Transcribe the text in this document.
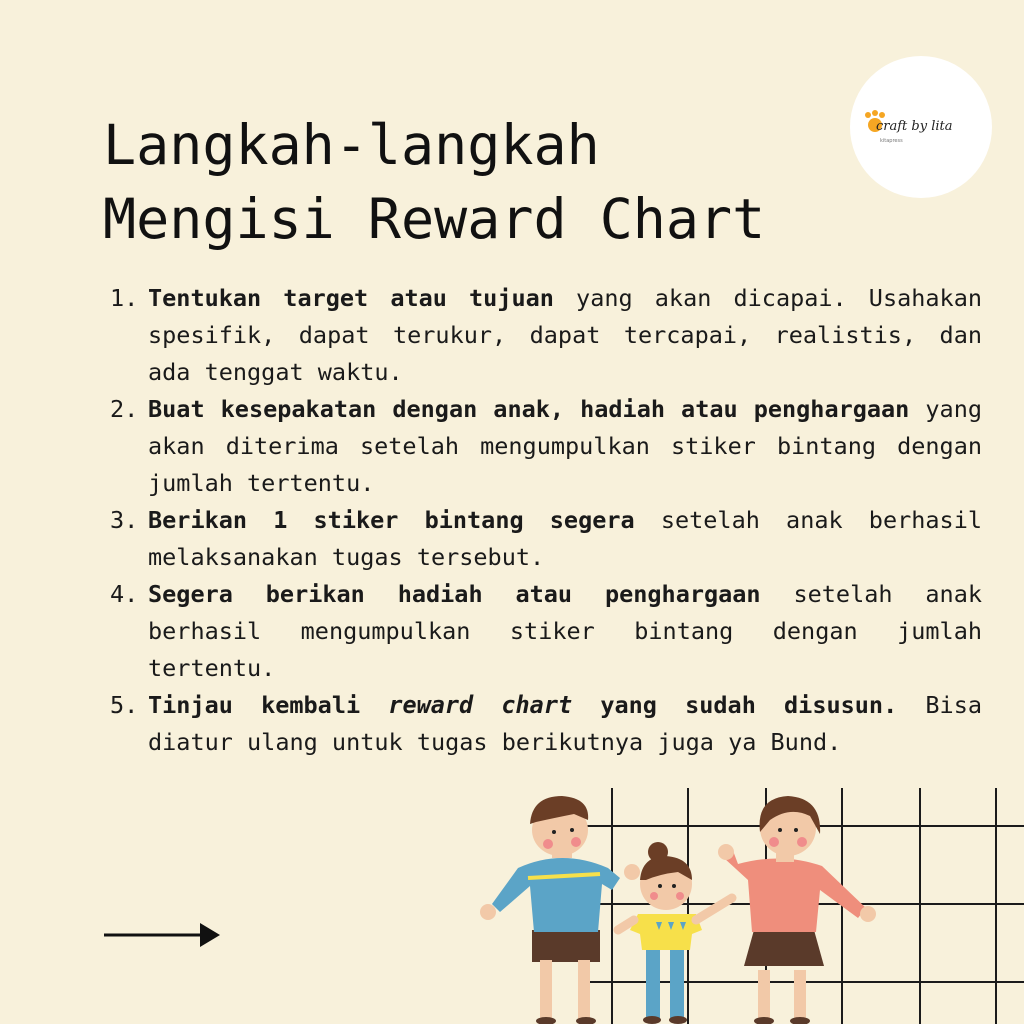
Langkah-langkah
Mengisi Reward Chart
craft by lita
kitapress
1. Tentukan target atau tujuan yang akan dicapai. Usahakan spesifik, dapat terukur, dapat tercapai, realistis, dan ada tenggat waktu.
2. Buat kesepakatan dengan anak, hadiah atau penghargaan yang akan diterima setelah mengumpulkan stiker bintang dengan jumlah tertentu.
3. Berikan 1 stiker bintang segera setelah anak berhasil melaksanakan tugas tersebut.
4. Segera berikan hadiah atau penghargaan setelah anak berhasil mengumpulkan stiker bintang dengan jumlah tertentu.
5. Tinjau kembali reward chart yang sudah disusun. Bisa diatur ulang untuk tugas berikutnya juga ya Bund.
